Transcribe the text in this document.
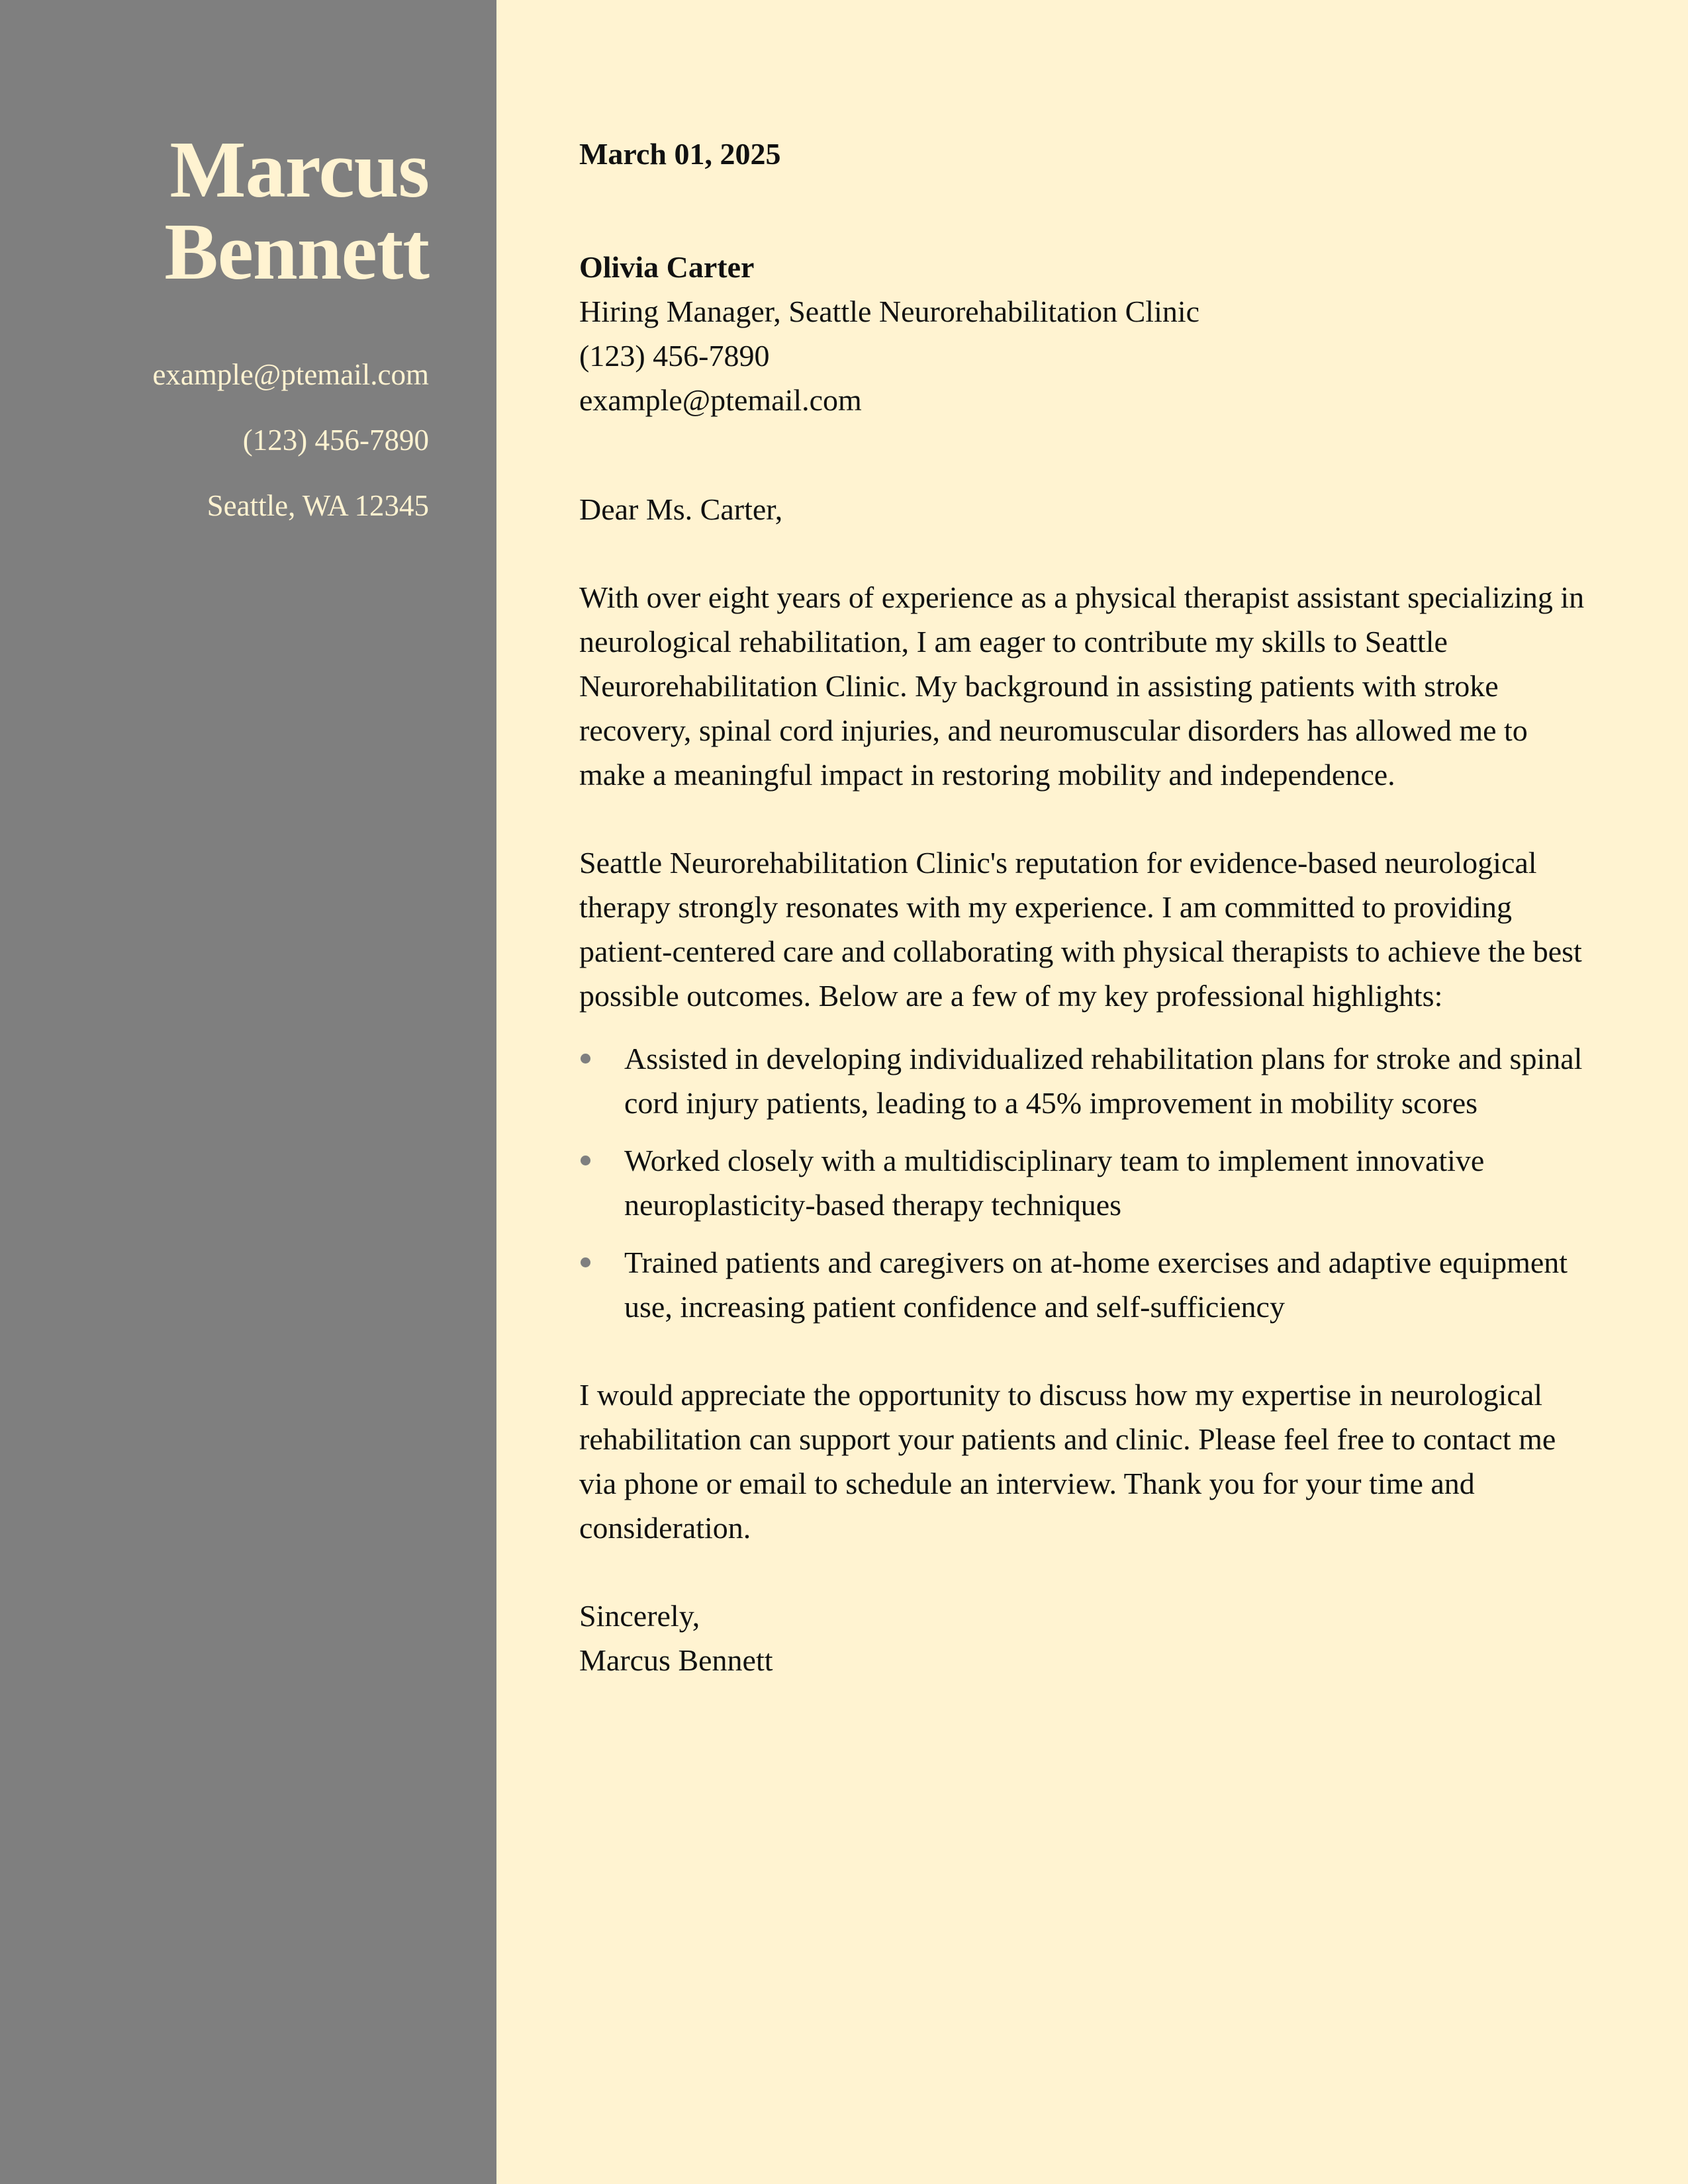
Marcus
Bennett
example@ptemail.com
(123) 456-7890
Seattle, WA 12345
March 01, 2025
Olivia Carter
Hiring Manager, Seattle Neurorehabilitation Clinic
(123) 456-7890
example@ptemail.com

Dear Ms. Carter,

With over eight years of experience as a physical therapist assistant specializing in neurological rehabilitation, I am eager to contribute my skills to Seattle Neurorehabilitation Clinic. My background in assisting patients with stroke recovery, spinal cord injuries, and neuromuscular disorders has allowed me to make a meaningful impact in restoring mobility and independence.

Seattle Neurorehabilitation Clinic's reputation for evidence-based neurological therapy strongly resonates with my experience. I am committed to providing patient-centered care and collaborating with physical therapists to achieve the best possible outcomes. Below are a few of my key professional highlights:

Assisted in developing individualized rehabilitation plans for stroke and spinal cord injury patients, leading to a 45% improvement in mobility scores
Worked closely with a multidisciplinary team to implement innovative neuroplasticity-based therapy techniques
Trained patients and caregivers on at-home exercises and adaptive equipment use, increasing patient confidence and self-sufficiency

I would appreciate the opportunity to discuss how my expertise in neurological rehabilitation can support your patients and clinic. Please feel free to contact me via phone or email to schedule an interview. Thank you for your time and consideration.

Sincerely,
Marcus Bennett
